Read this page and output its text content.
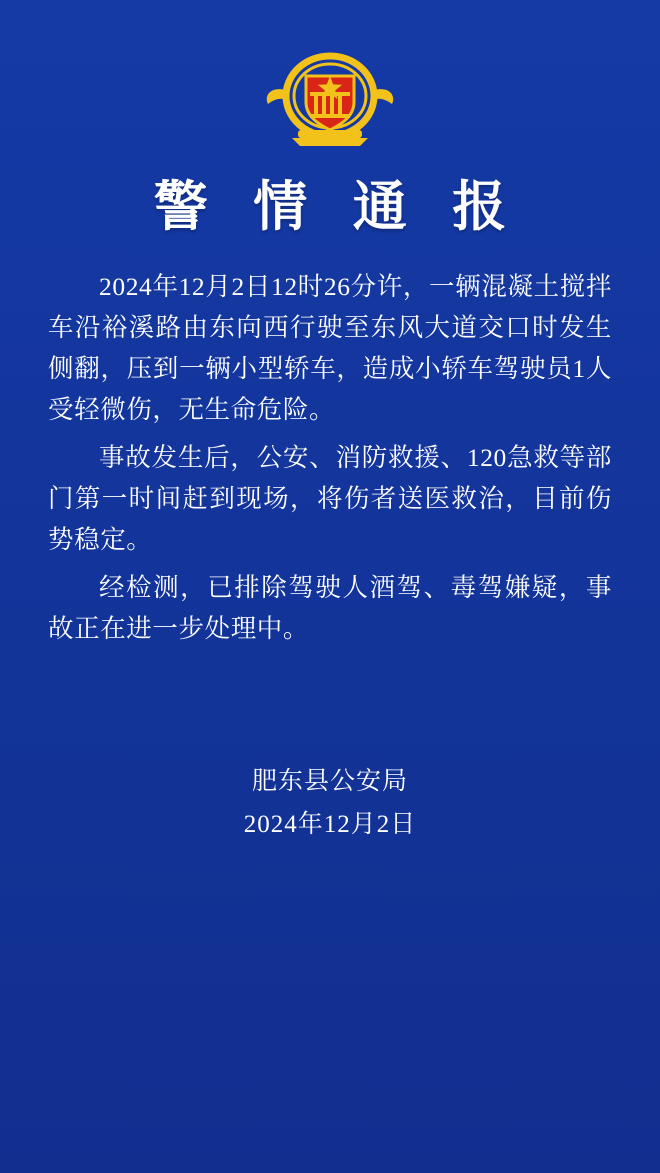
警 情 通 报

2024年12月2日12时26分许，一辆混凝土搅拌车沿裕溪路由东向西行驶至东风大道交口时发生侧翻，压到一辆小型轿车，造成小轿车驾驶员1人受轻微伤，无生命危险。

事故发生后，公安、消防救援、120急救等部门第一时间赶到现场，将伤者送医救治，目前伤势稳定。

经检测，已排除驾驶人酒驾、毒驾嫌疑，事故正在进一步处理中。

肥东县公安局
2024年12月2日
